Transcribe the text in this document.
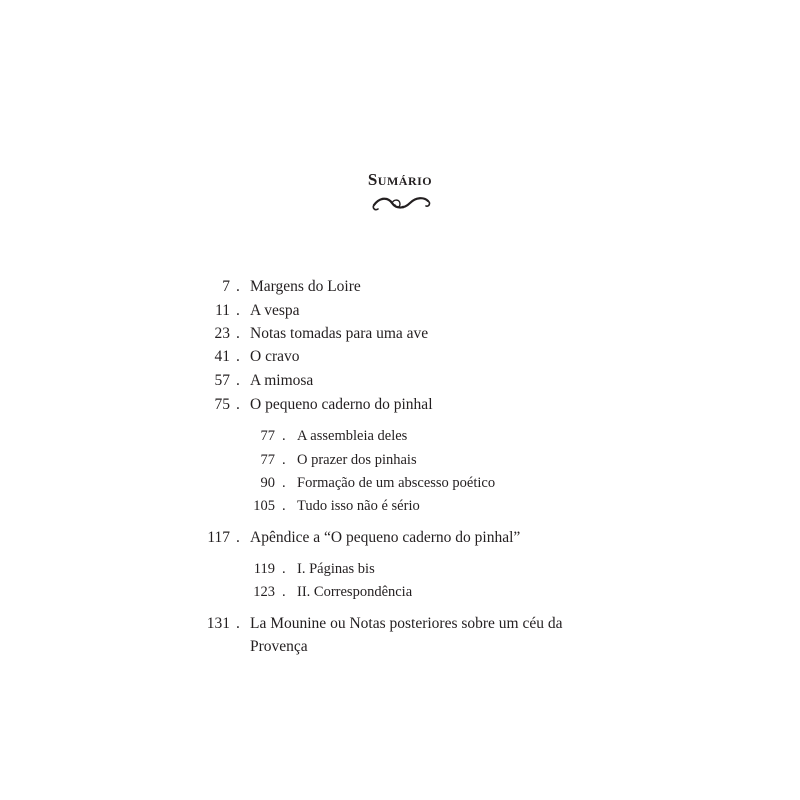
Sumário
7 . Margens do Loire
11 . A vespa
23 . Notas tomadas para uma ave
41 . O cravo
57 . A mimosa
75 . O pequeno caderno do pinhal
77 . A assembleia deles
77 . O prazer dos pinhais
90 . Formação de um abscesso poético
105 . Tudo isso não é sério
117 . Apêndice a “O pequeno caderno do pinhal”
119 . I. Páginas bis
123 . II. Correspondência
131 . La Mounine ou Notas posteriores sobre um céu da
Provença
